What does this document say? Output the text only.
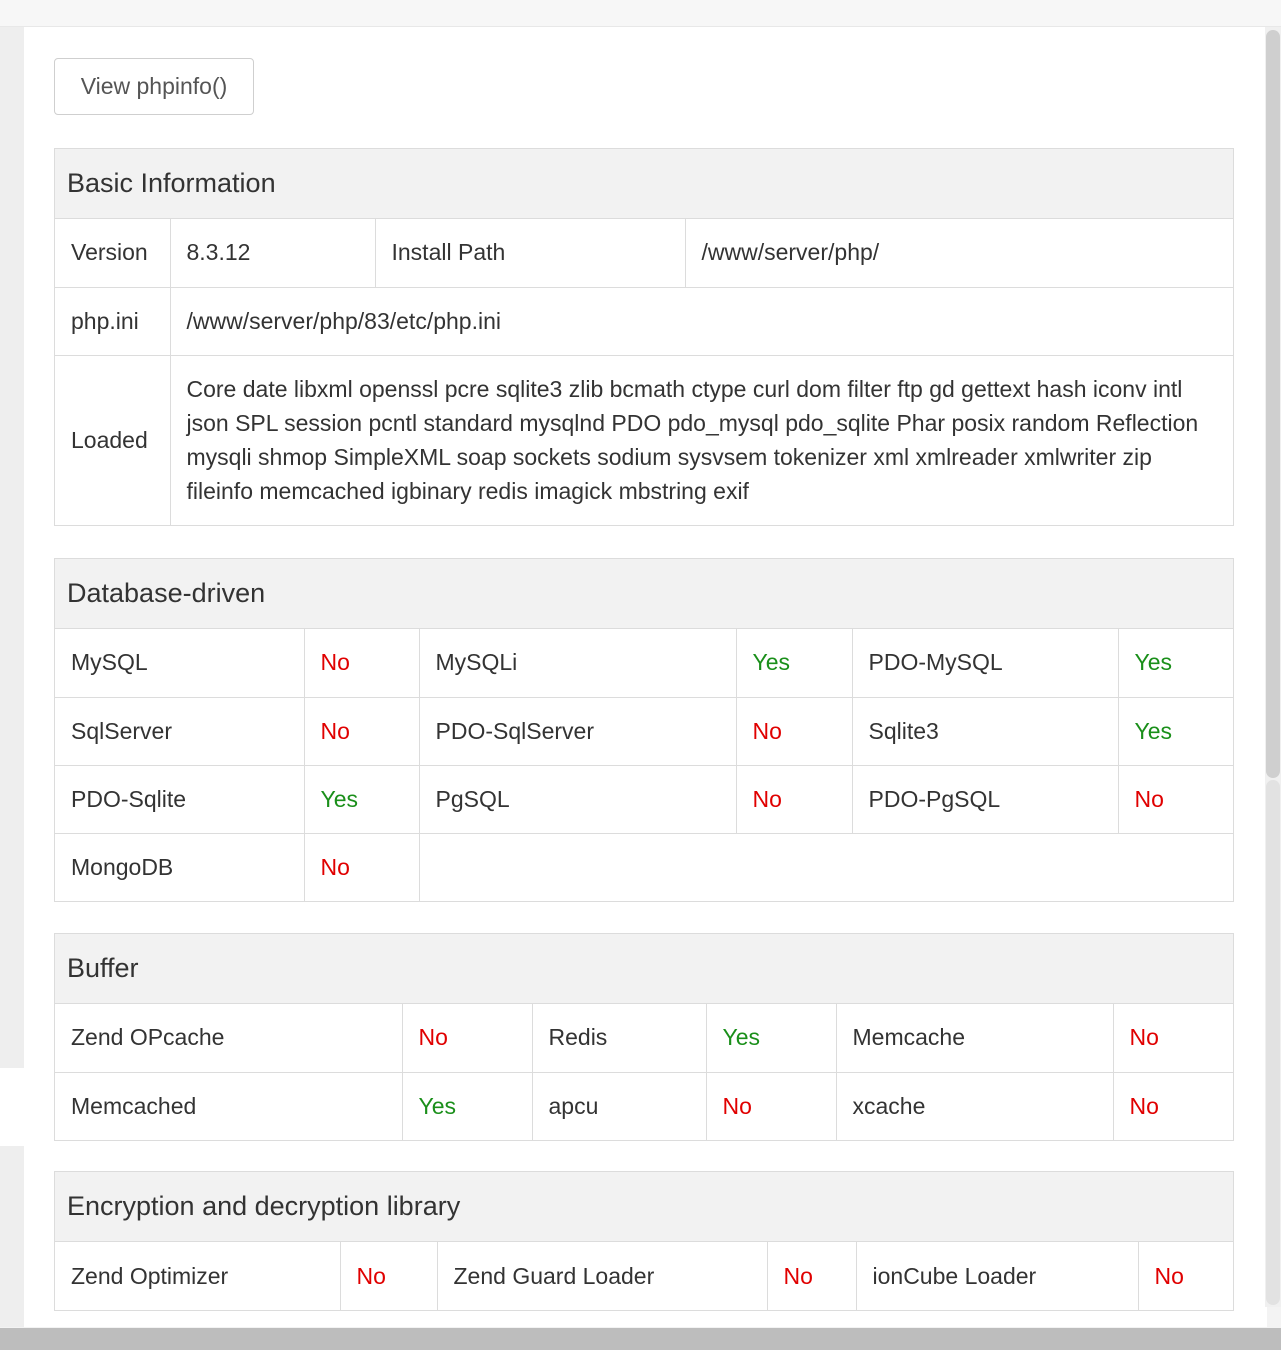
View phpinfo()
Basic Information
Version	8.3.12	Install Path	/www/server/php/
php.ini	/www/server/php/83/etc/php.ini		
Loaded	Core date libxml openssl pcre sqlite3 zlib bcmath ctype curl dom filter ftp gd gettext hash iconv intl json SPL session pcntl standard mysqlnd PDO pdo_mysql pdo_sqlite Phar posix random Reflection mysqli shmop SimpleXML soap sockets sodium sysvsem tokenizer xml xmlreader xmlwriter zip fileinfo memcached igbinary redis imagick mbstring exif		
Database-driven
MySQL	No	MySQLi	Yes	PDO-MySQL	Yes
SqlServer	No	PDO-SqlServer	No	Sqlite3	Yes
PDO-Sqlite	Yes	PgSQL	No	PDO-PgSQL	No
MongoDB	No				
Buffer
Zend OPcache	No	Redis	Yes	Memcache	No
Memcached	Yes	apcu	No	xcache	No
Encryption and decryption library
Zend Optimizer	No	Zend Guard Loader	No	ionCube Loader	No
